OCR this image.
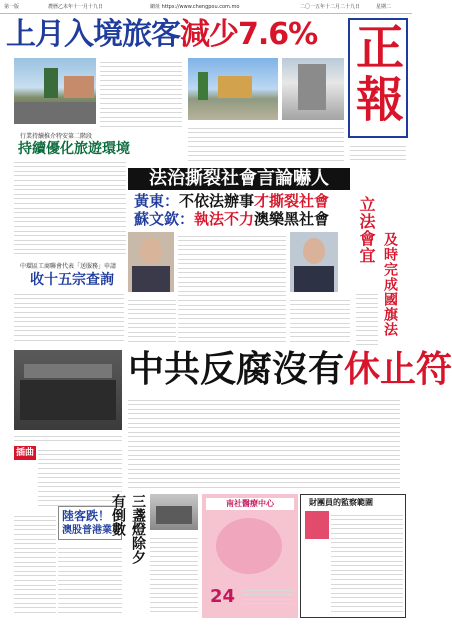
第一版	農曆乙未年十一月十九日	網址 https://www.chengpou.com.mo	二〇一五年十二月二十九日	星期二
上月入境旅客減少7.6% 正
報
行業持續推介特安第二階段
持續優化旅遊環境
法治撕裂社會言論嚇人
黃東：不依法辦事才撕裂社會
蘇文欽：執法不力澳樂黑社會	立法會宜
及時完成國旗法
中環區工商聯會代表「送服務」申請
收十五宗查詢
中共反腐沒有休止符
插曲
陸客跌！
澳股普港業	三盞燈除夕有倒數	南社醫療中心
24
財團員的監察範圍
